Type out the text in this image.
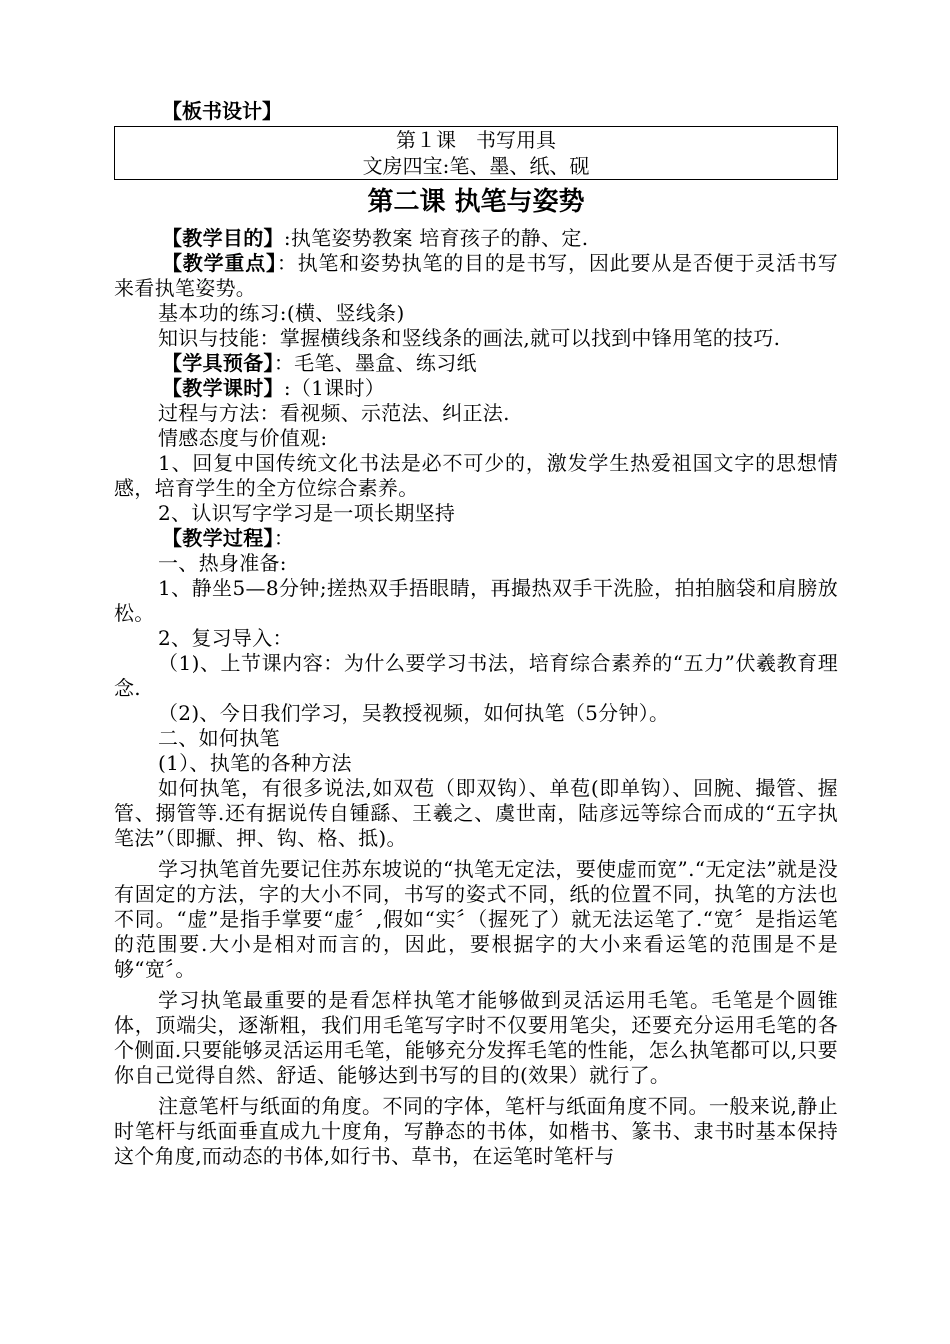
【板书设计】
第１课　书写用具
文房四宝:笔、墨、纸、砚
第二课 执笔与姿势

【教学目的】:执笔姿势教案 培育孩子的静、定.

【教学重点】：执笔和姿势执笔的目的是书写，因此要从是否便于灵活书写来看执笔姿势。

基本功的练习:(横、竖线条)

知识与技能：掌握横线条和竖线条的画法,就可以找到中锋用笔的技巧.

【学具预备】：毛笔、墨盒、练习纸

【教学课时】:（1课时）

过程与方法：看视频、示范法、纠正法.

情感态度与价值观:

1、回复中国传统文化书法是必不可少的，激发学生热爱祖国文字的思想情感，培育学生的全方位综合素养。

2、认识写字学习是一项长期坚持

【教学过程】：

一、热身准备:

1、静坐5—8分钟;搓热双手捂眼睛，再撮热双手干洗脸，拍拍脑袋和肩膀放松。

2、复习导入：

（1)、上节课内容：为什么要学习书法，培育综合素养的“五力”伏羲教育理念.

（2)、今日我们学习，吴教授视频，如何执笔（5分钟）。

二、如何执笔

(1）、执笔的各种方法

如何执笔，有很多说法,如双苞（即双钩）、单苞(即单钩）、回腕、撮管、握管、搦管等.还有据说传自锺繇、王羲之、虞世南，陆彦远等综合而成的“五字执笔法”（即擫、押、钩、格、抵)。

学习执笔首先要记住苏东坡说的“执笔无定法，要使虚而宽”.“无定法”就是没有固定的方法，字的大小不同，书写的姿式不同，纸的位置不同，执笔的方法也不同。“虚”是指手掌要“虚〞,假如“实〞（握死了）就无法运笔了.“宽〞是指运笔的范围要.大小是相对而言的，因此，要根据字的大小来看运笔的范围是不是够“宽〞。

学习执笔最重要的是看怎样执笔才能够做到灵活运用毛笔。毛笔是个圆锥体，顶端尖，逐渐粗，我们用毛笔写字时不仅要用笔尖，还要充分运用毛笔的各个侧面.只要能够灵活运用毛笔，能够充分发挥毛笔的性能，怎么执笔都可以,只要你自己觉得自然、舒适、能够达到书写的目的(效果）就行了。

注意笔杆与纸面的角度。不同的字体，笔杆与纸面角度不同。一般来说,静止时笔杆与纸面垂直成九十度角，写静态的书体，如楷书、篆书、隶书时基本保持这个角度,而动态的书体,如行书、草书，在运笔时笔杆与
